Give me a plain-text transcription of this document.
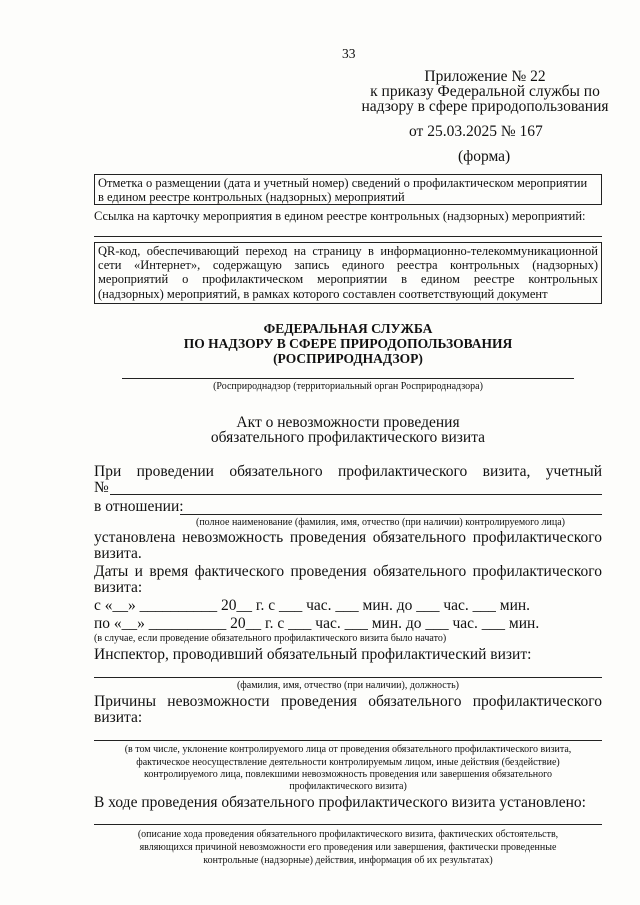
33
Приложение № 22
к приказу Федеральной службы по
надзору в сфере природопользования
от 25.03.2025 № 167
(форма)
Отметка о размещении (дата и учетный номер) сведений о профилактическом мероприятии
в едином реестре контрольных (надзорных) мероприятий
Ссылка на карточку мероприятия в едином реестре контрольных (надзорных) мероприятий:
QR-код, обеспечивающий переход на страницу в информационно-телекоммуникационной
сети «Интернет», содержащую запись единого реестра контрольных (надзорных)
мероприятий о профилактическом мероприятии в едином реестре контрольных
(надзорных) мероприятий, в рамках которого составлен соответствующий документ
ФЕДЕРАЛЬНАЯ СЛУЖБА
ПО НАДЗОРУ В СФЕРЕ ПРИРОДОПОЛЬЗОВАНИЯ
(РОСПРИРОДНАДЗОР)
(Росприроднадзор (территориальный орган Росприроднадзора)
Акт о невозможности проведения
обязательного профилактического визита
При проведении обязательного профилактического визита, учетный
№
в отношении:
(полное наименование (фамилия, имя, отчество (при наличии) контролируемого лица)
установлена невозможность проведения обязательного профилактического
визита.
Даты и время фактического проведения обязательного профилактического
визита:
с «__» __________ 20__ г. с ___ час. ___ мин. до ___ час. ___ мин.
по «__» __________ 20__ г. с ___ час. ___ мин. до ___ час. ___ мин.
(в случае, если проведение обязательного профилактического визита было начато)
Инспектор, проводивший обязательный профилактический визит:
(фамилия, имя, отчество (при наличии), должность)
Причины невозможности проведения обязательного профилактического
визита:
(в том числе, уклонение контролируемого лица от проведения обязательного профилактического визита,
фактическое неосуществление деятельности контролируемым лицом, иные действия (бездействие)
контролируемого лица, повлекшими невозможность проведения или завершения обязательного
профилактического визита)
В ходе проведения обязательного профилактического визита установлено:
(описание хода проведения обязательного профилактического визита, фактических обстоятельств,
являющихся причиной невозможности его проведения или завершения, фактически проведенные
контрольные (надзорные) действия, информация об их результатах)
